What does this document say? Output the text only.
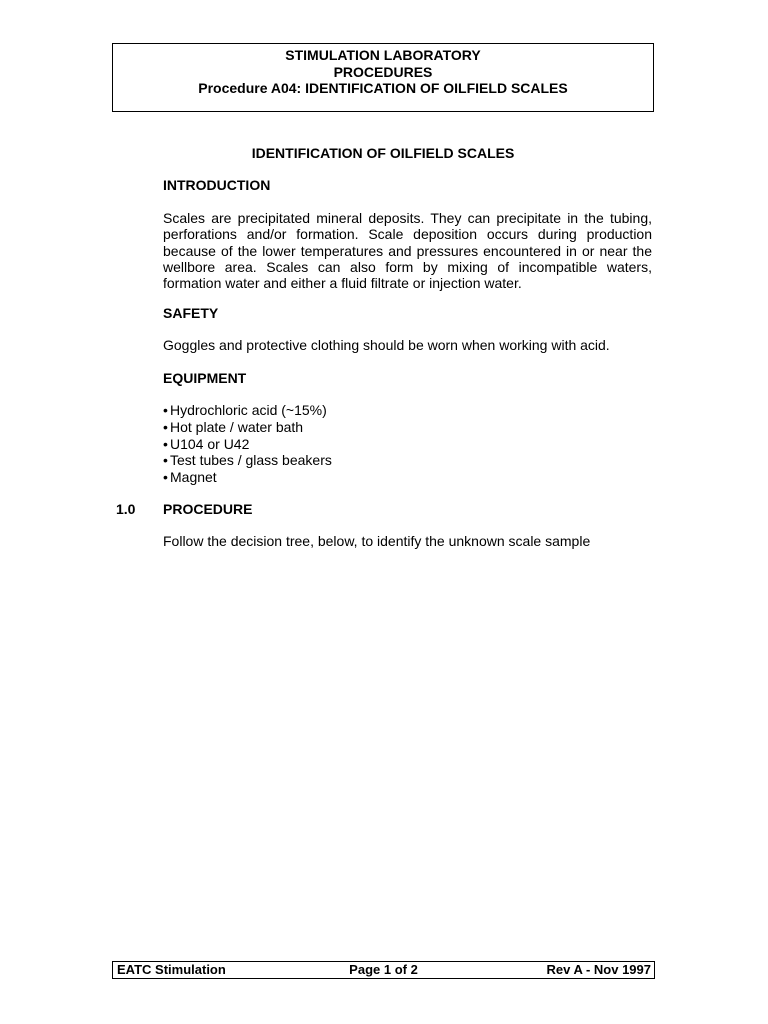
STIMULATION LABORATORY
PROCEDURES
Procedure A04: IDENTIFICATION OF OILFIELD SCALES
IDENTIFICATION OF OILFIELD SCALES
INTRODUCTION
Scales are precipitated mineral deposits. They can precipitate in the tubing, perforations and/or formation. Scale deposition occurs during production because of the lower temperatures and pressures encountered in or near the wellbore area. Scales can also form by mixing of incompatible waters, formation water and either a fluid filtrate or injection water.
SAFETY
Goggles and protective clothing should be worn when working with acid.
EQUIPMENT
• Hydrochloric acid (~15%)
• Hot plate / water bath
• U104 or U42
• Test tubes / glass beakers
• Magnet
1.0 PROCEDURE
Follow the decision tree, below, to identify the unknown scale sample
EATC Stimulation	Page 1 of 2	Rev A - Nov 1997
